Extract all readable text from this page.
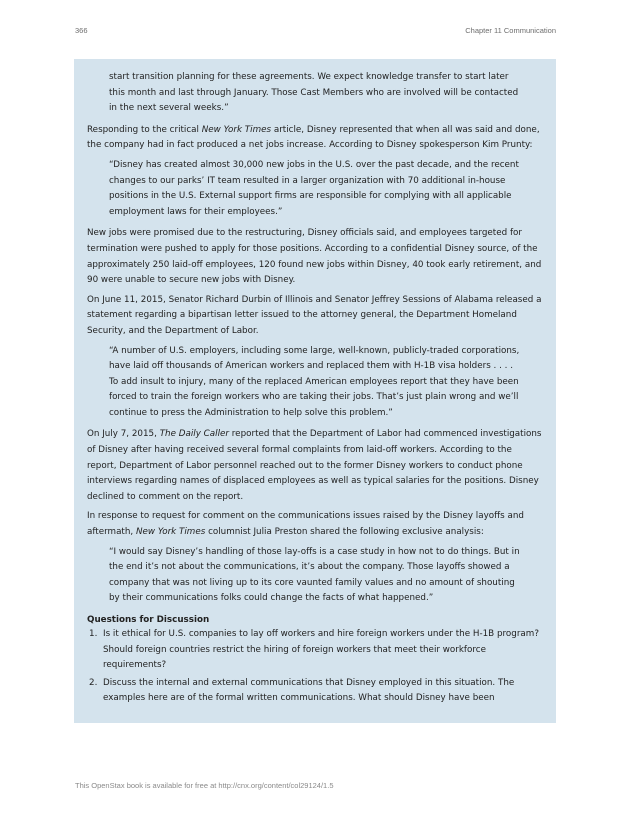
366	Chapter 11 Communication

start transition planning for these agreements. We expect knowledge transfer to start later this month and last through January. Those Cast Members who are involved will be contacted in the next several weeks.”

Responding to the critical New York Times article, Disney represented that when all was said and done, the company had in fact produced a net jobs increase. According to Disney spokesperson Kim Prunty:

“Disney has created almost 30,000 new jobs in the U.S. over the past decade, and the recent changes to our parks’ IT team resulted in a larger organization with 70 additional in-house positions in the U.S. External support firms are responsible for complying with all applicable employment laws for their employees.”

New jobs were promised due to the restructuring, Disney officials said, and employees targeted for termination were pushed to apply for those positions. According to a confidential Disney source, of the approximately 250 laid-off employees, 120 found new jobs within Disney, 40 took early retirement, and 90 were unable to secure new jobs with Disney.

On June 11, 2015, Senator Richard Durbin of Illinois and Senator Jeffrey Sessions of Alabama released a statement regarding a bipartisan letter issued to the attorney general, the Department Homeland Security, and the Department of Labor.

“A number of U.S. employers, including some large, well-known, publicly-traded corporations, have laid off thousands of American workers and replaced them with H-1B visa holders . . . . To add insult to injury, many of the replaced American employees report that they have been forced to train the foreign workers who are taking their jobs. That’s just plain wrong and we’ll continue to press the Administration to help solve this problem.”

On July 7, 2015, The Daily Caller reported that the Department of Labor had commenced investigations of Disney after having received several formal complaints from laid-off workers. According to the report, Department of Labor personnel reached out to the former Disney workers to conduct phone interviews regarding names of displaced employees as well as typical salaries for the positions. Disney declined to comment on the report.

In response to request for comment on the communications issues raised by the Disney layoffs and aftermath, New York Times columnist Julia Preston shared the following exclusive analysis:

“I would say Disney’s handling of those lay-offs is a case study in how not to do things. But in the end it’s not about the communications, it’s about the company. Those layoffs showed a company that was not living up to its core vaunted family values and no amount of shouting by their communications folks could change the facts of what happened.”

Questions for Discussion
1. Is it ethical for U.S. companies to lay off workers and hire foreign workers under the H-1B program? Should foreign countries restrict the hiring of foreign workers that meet their workforce requirements?
2. Discuss the internal and external communications that Disney employed in this situation. The examples here are of the formal written communications. What should Disney have been
This OpenStax book is available for free at http://cnx.org/content/col29124/1.5
